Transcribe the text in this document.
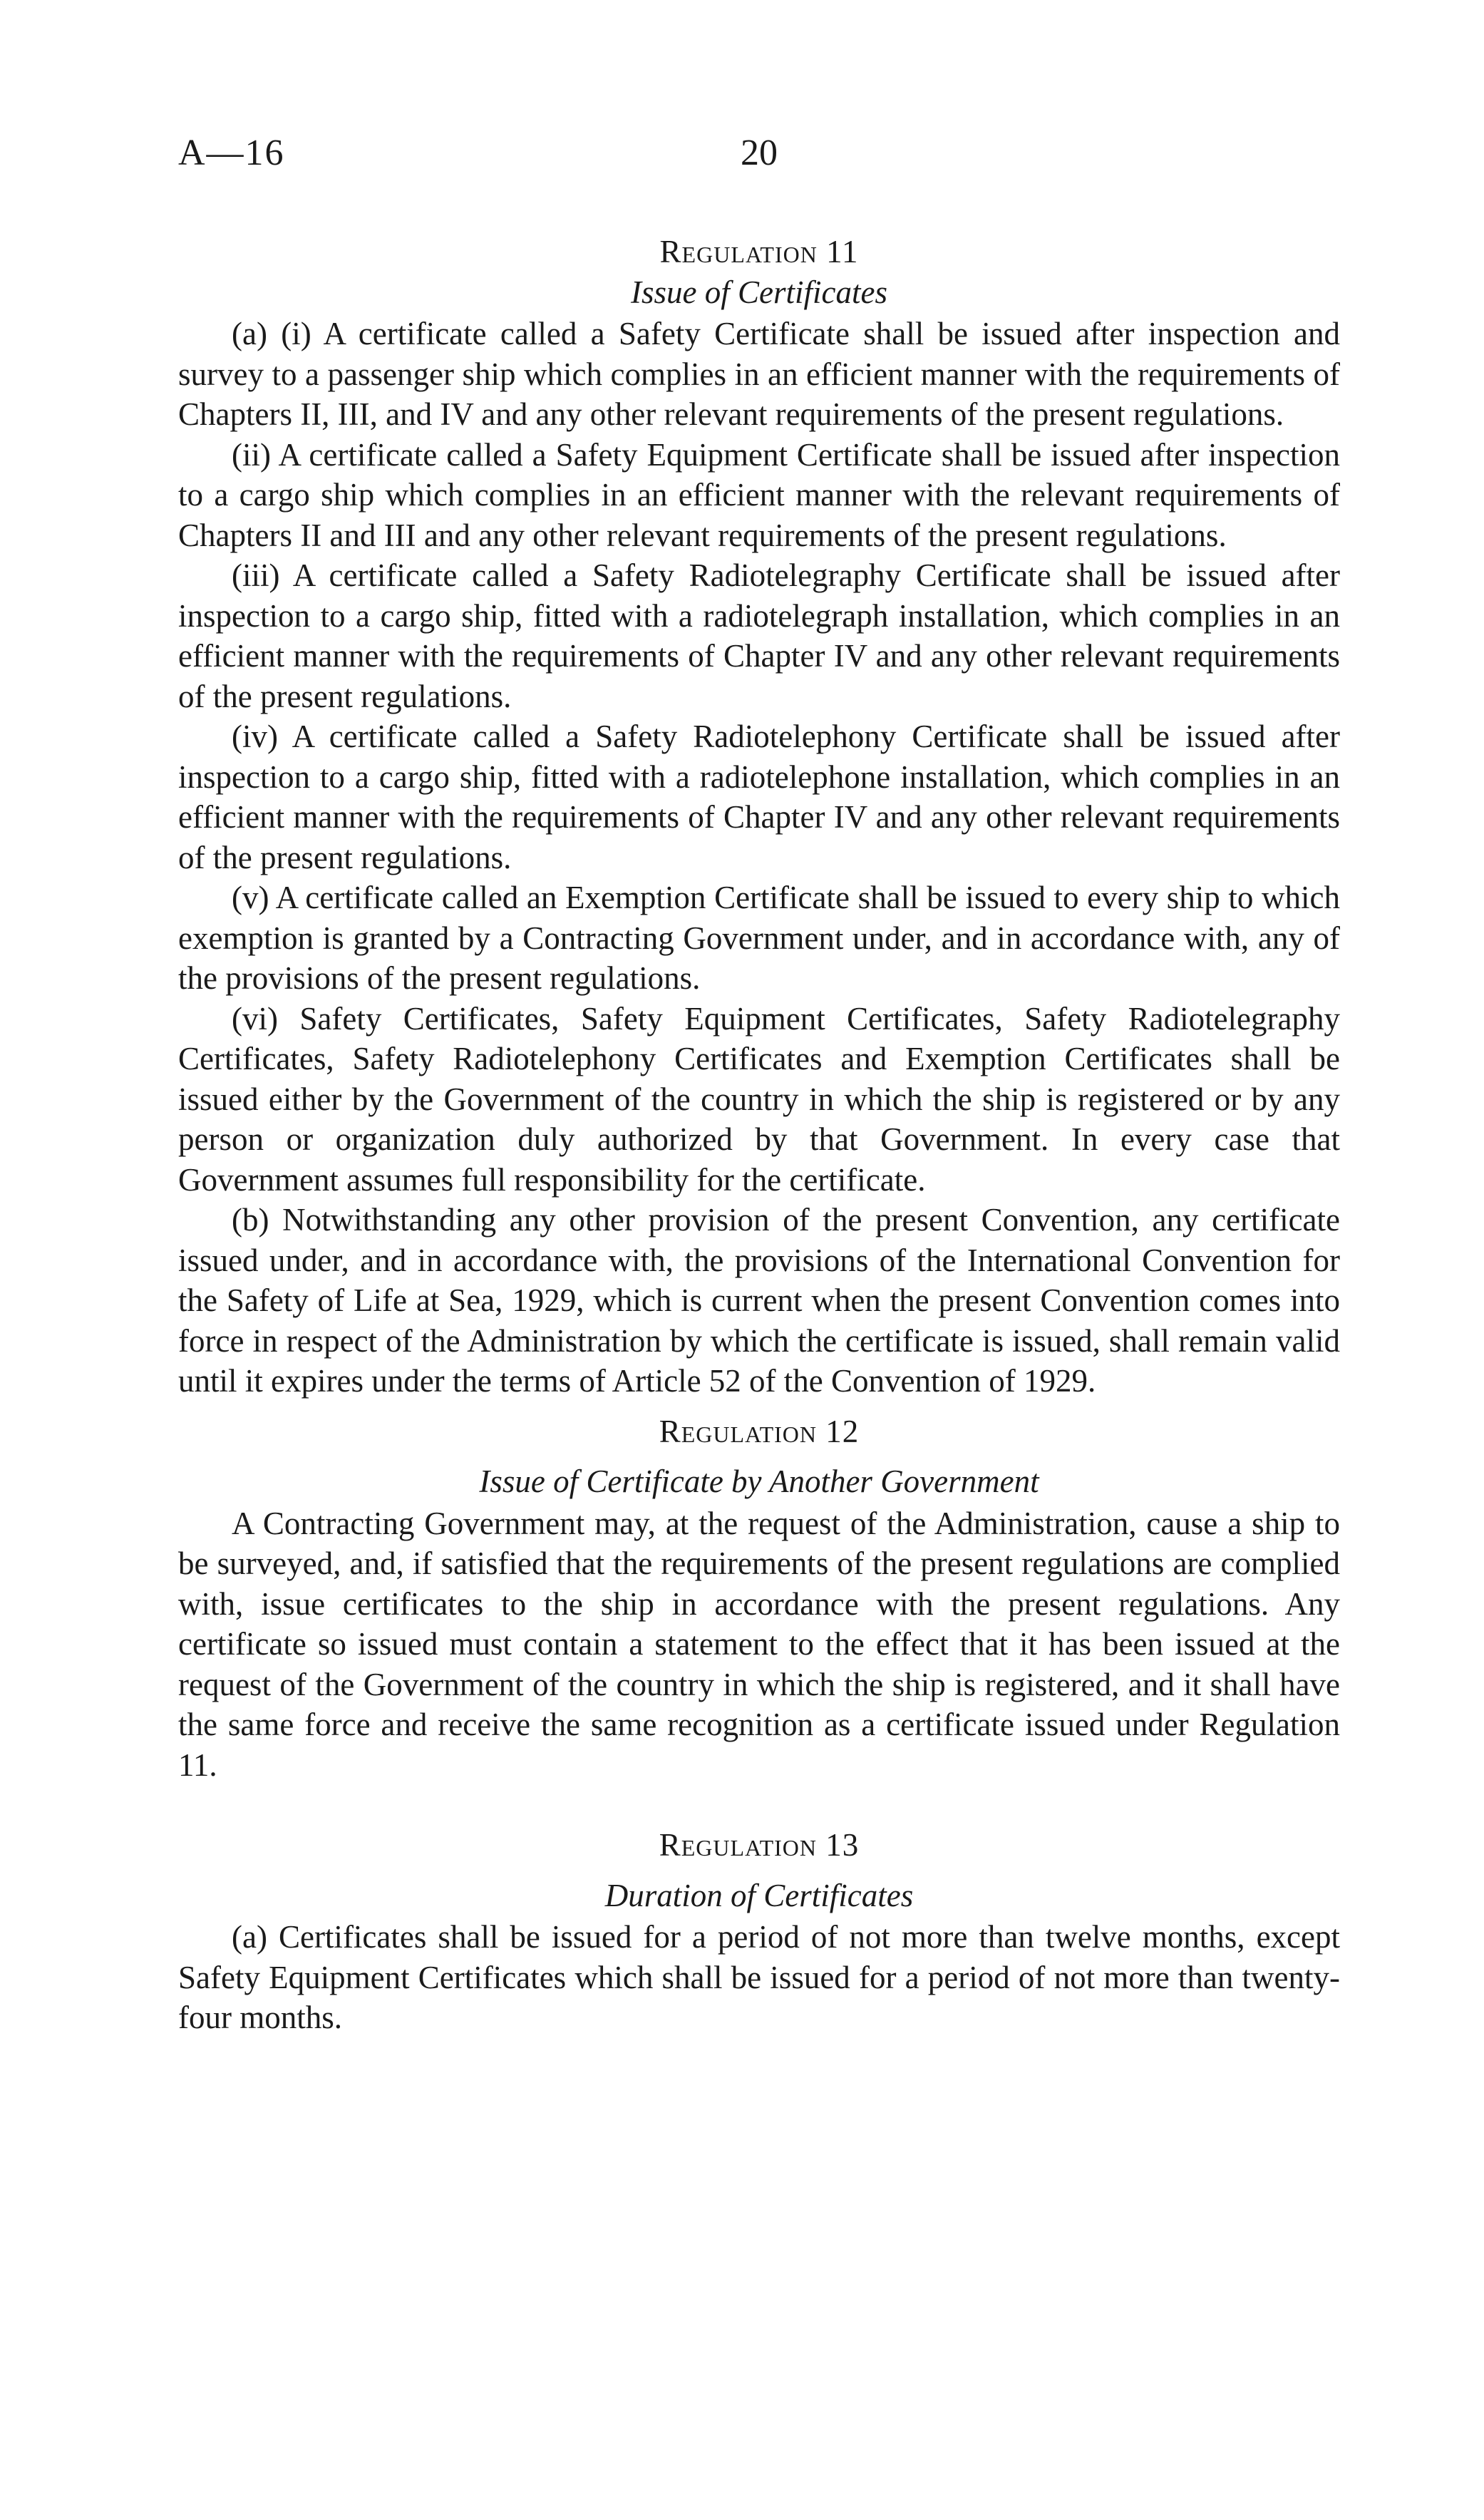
A—16	20
Regulation 11
Issue of Certificates

(a) (i) A certificate called a Safety Certificate shall be issued after inspection and survey to a passenger ship which complies in an efficient manner with the requirements of Chapters II, III, and IV and any other relevant requirements of the present regulations.

(ii) A certificate called a Safety Equipment Certificate shall be issued after inspection to a cargo ship which complies in an efficient manner with the relevant requirements of Chapters II and III and any other relevant requirements of the present regulations.

(iii) A certificate called a Safety Radiotelegraphy Certificate shall be issued after inspection to a cargo ship, fitted with a radiotelegraph installation, which complies in an efficient manner with the requirements of Chapter IV and any other relevant requirements of the present regulations.

(iv) A certificate called a Safety Radiotelephony Certificate shall be issued after inspection to a cargo ship, fitted with a radiotelephone installation, which complies in an efficient manner with the requirements of Chapter IV and any other relevant requirements of the present regulations.

(v) A certificate called an Exemption Certificate shall be issued to every ship to which exemption is granted by a Contracting Government under, and in accordance with, any of the provisions of the present regulations.

(vi) Safety Certificates, Safety Equipment Certificates, Safety Radiotelegraphy Certificates, Safety Radiotelephony Certificates and Exemption Certificates shall be issued either by the Government of the country in which the ship is registered or by any person or organization duly authorized by that Government. In every case that Government assumes full responsibility for the certificate.

(b) Notwithstanding any other provision of the present Convention, any certificate issued under, and in accordance with, the provisions of the International Convention for the Safety of Life at Sea, 1929, which is current when the present Convention comes into force in respect of the Administration by which the certificate is issued, shall remain valid until it expires under the terms of Article 52 of the Convention of 1929.

Regulation 12
Issue of Certificate by Another Government

A Contracting Government may, at the request of the Administration, cause a ship to be surveyed, and, if satisfied that the requirements of the present regulations are complied with, issue certificates to the ship in accordance with the present regulations. Any certificate so issued must contain a statement to the effect that it has been issued at the request of the Government of the country in which the ship is registered, and it shall have the same force and receive the same recognition as a certificate issued under Regulation 11.

Regulation 13
Duration of Certificates

(a) Certificates shall be issued for a period of not more than twelve months, except Safety Equipment Certificates which shall be issued for a period of not more than twenty-four months.
